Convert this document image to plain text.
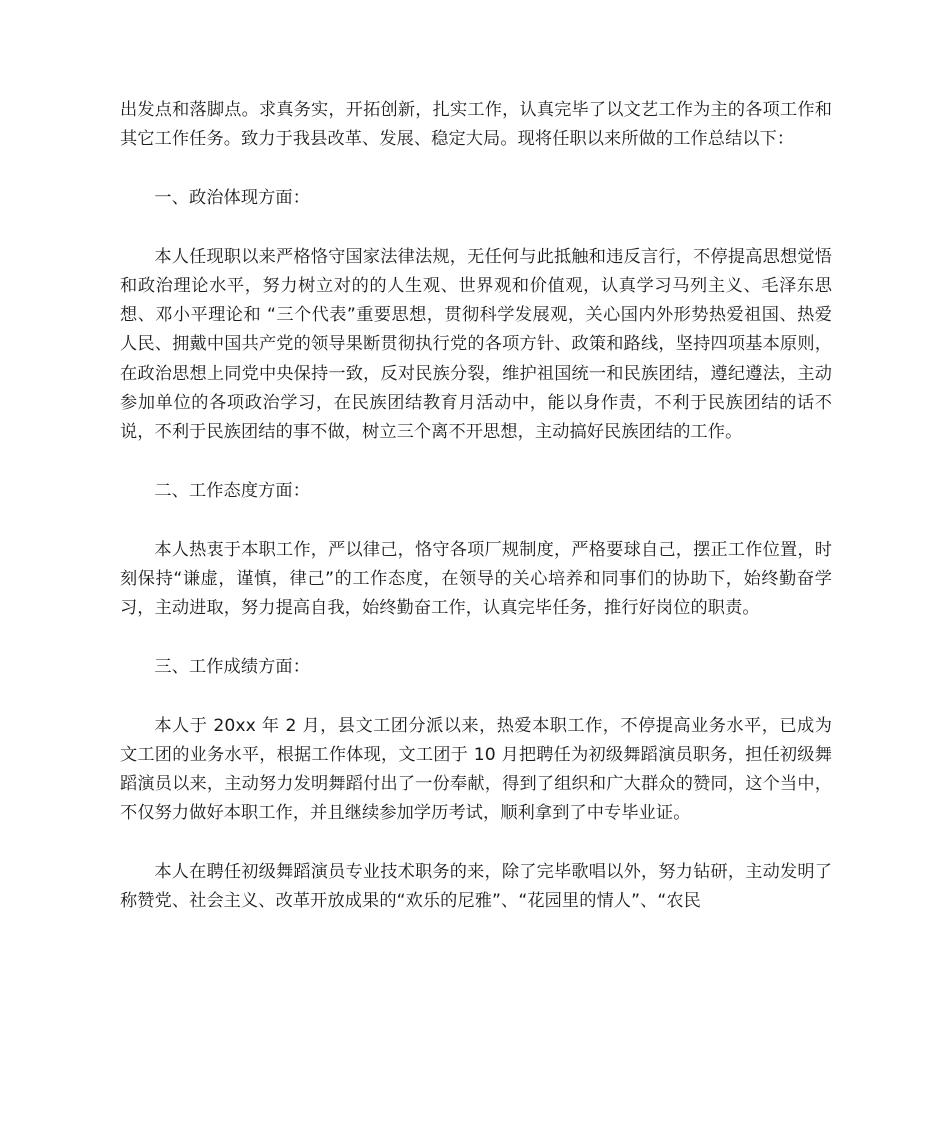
出发点和落脚点。求真务实，开拓创新，扎实工作，认真完毕了以文艺工作为主的各项工作和其它工作任务。致力于我县改革、发展、稳定大局。现将任职以来所做的工作总结以下：

一、政治体现方面：

本人任现职以来严格恪守国家法律法规，无任何与此抵触和违反言行，不停提高思想觉悟和政治理论水平，努力树立对的的人生观、世界观和价值观，认真学习马列主义、毛泽东思想、邓小平理论和 “三个代表”重要思想，贯彻科学发展观，关心国内外形势热爱祖国、热爱人民、拥戴中国共产党的领导果断贯彻执行党的各项方针、政策和路线，坚持四项基本原则，在政治思想上同党中央保持一致，反对民族分裂，维护祖国统一和民族团结，遵纪遵法，主动参加单位的各项政治学习，在民族团结教育月活动中，能以身作责，不利于民族团结的话不说，不利于民族团结的事不做，树立三个离不开思想，主动搞好民族团结的工作。

二、工作态度方面：

本人热衷于本职工作，严以律己，恪守各项厂规制度，严格要球自己，摆正工作位置，时刻保持“谦虚，谨慎，律己”的工作态度，在领导的关心培养和同事们的协助下，始终勤奋学习，主动进取，努力提高自我，始终勤奋工作，认真完毕任务，推行好岗位的职责。

三、工作成绩方面：

本人于 20xx 年 2 月，县文工团分派以来，热爱本职工作，不停提高业务水平，已成为文工团的业务水平，根据工作体现，文工团于 10 月把聘任为初级舞蹈演员职务，担任初级舞蹈演员以来，主动努力发明舞蹈付出了一份奉献，得到了组织和广大群众的赞同，这个当中，不仅努力做好本职工作，并且继续参加学历考试，顺利拿到了中专毕业证。

本人在聘任初级舞蹈演员专业技术职务的来，除了完毕歌唱以外，努力钻研，主动发明了称赞党、社会主义、改革开放成果的“欢乐的尼雅”、“花园里的情人”、“农民
